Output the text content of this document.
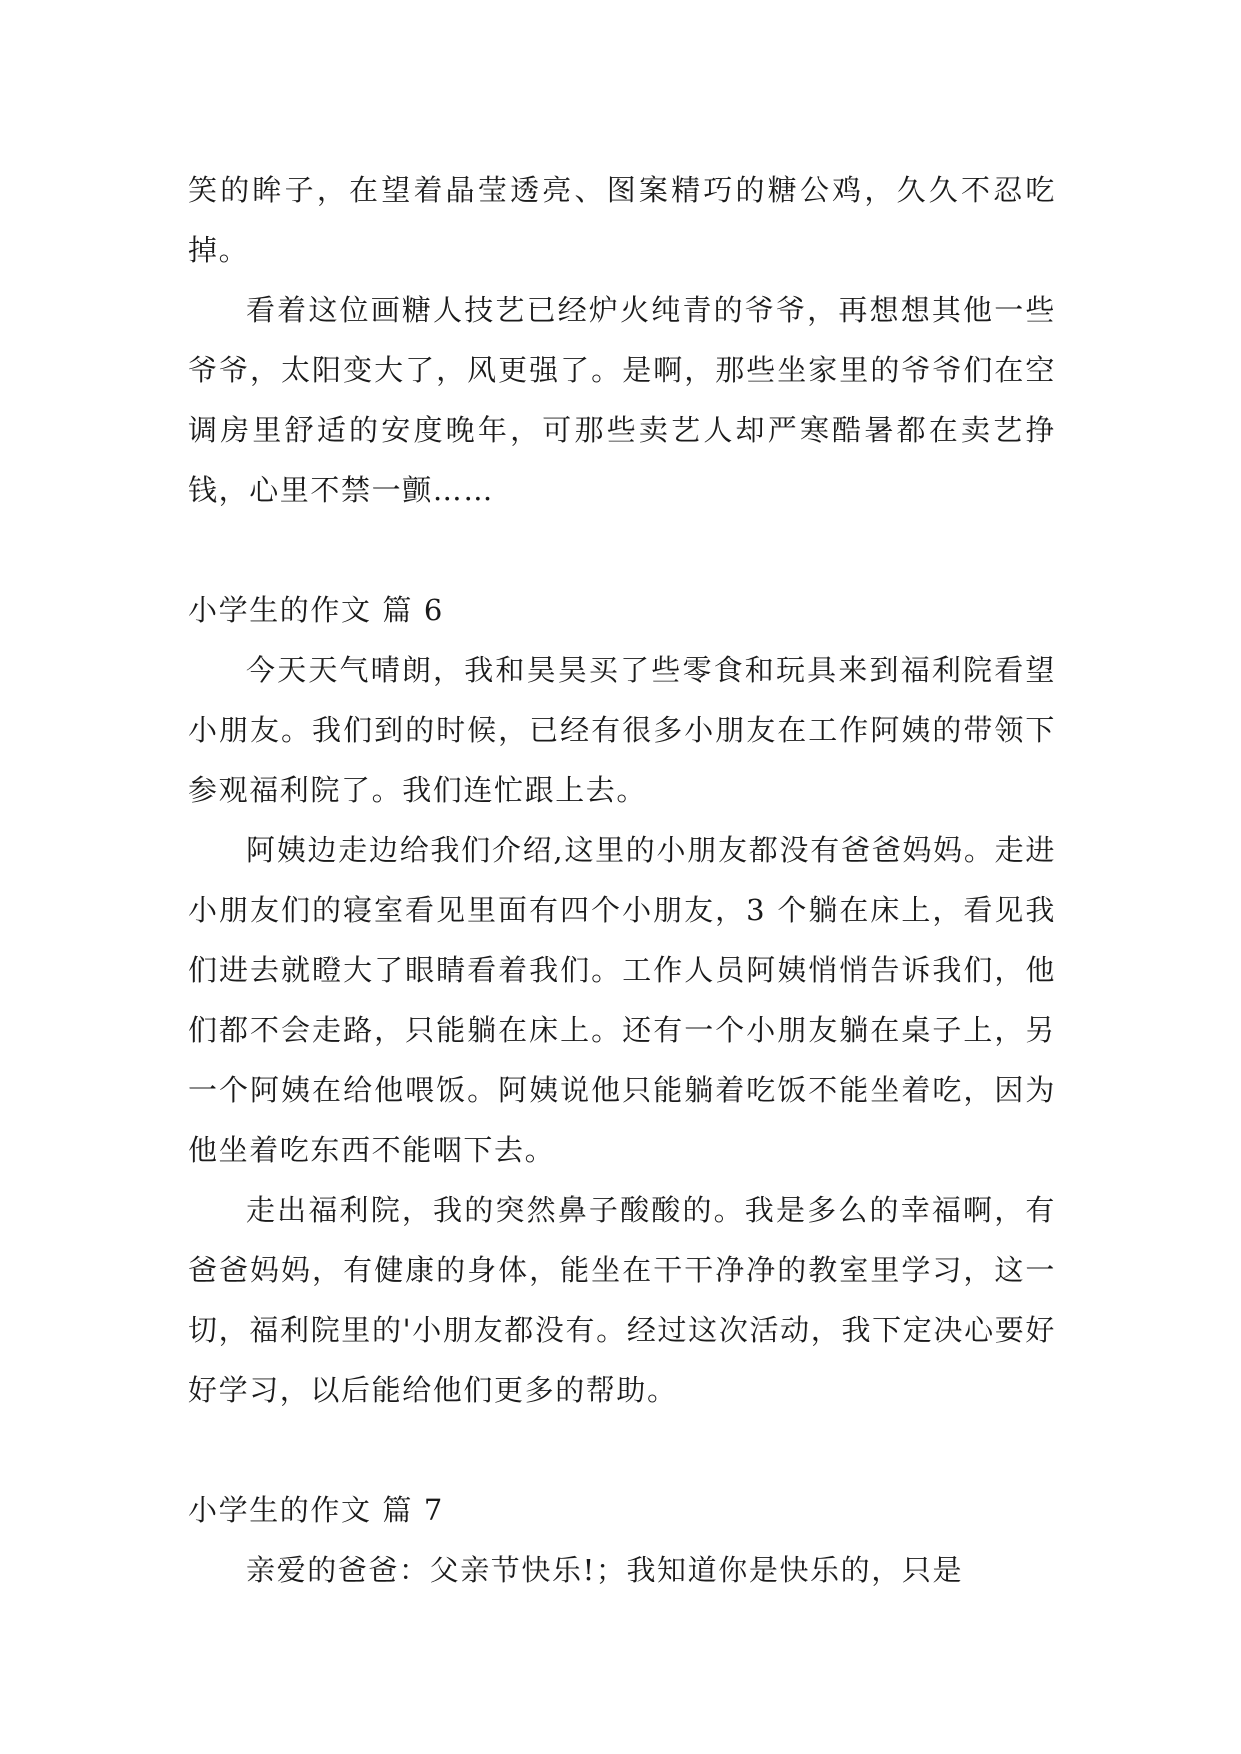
笑的眸子，在望着晶莹透亮、图案精巧的糖公鸡，久久不忍吃掉。

看着这位画糖人技艺已经炉火纯青的爷爷，再想想其他一些爷爷，太阳变大了，风更强了。是啊，那些坐家里的爷爷们在空调房里舒适的安度晚年，可那些卖艺人却严寒酷暑都在卖艺挣钱，心里不禁一颤……

小学生的作文 篇 6

今天天气晴朗，我和昊昊买了些零食和玩具来到福利院看望小朋友。我们到的时候，已经有很多小朋友在工作阿姨的带领下参观福利院了。我们连忙跟上去。

阿姨边走边给我们介绍,这里的小朋友都没有爸爸妈妈。走进小朋友们的寝室看见里面有四个小朋友，3 个躺在床上，看见我们进去就瞪大了眼睛看着我们。工作人员阿姨悄悄告诉我们，他们都不会走路，只能躺在床上。还有一个小朋友躺在桌子上，另一个阿姨在给他喂饭。阿姨说他只能躺着吃饭不能坐着吃，因为他坐着吃东西不能咽下去。

走出福利院，我的突然鼻子酸酸的。我是多么的幸福啊，有爸爸妈妈，有健康的身体，能坐在干干净净的教室里学习，这一切，福利院里的'小朋友都没有。经过这次活动，我下定决心要好好学习，以后能给他们更多的帮助。

小学生的作文 篇 7

亲爱的爸爸：父亲节快乐!；我知道你是快乐的，只是
